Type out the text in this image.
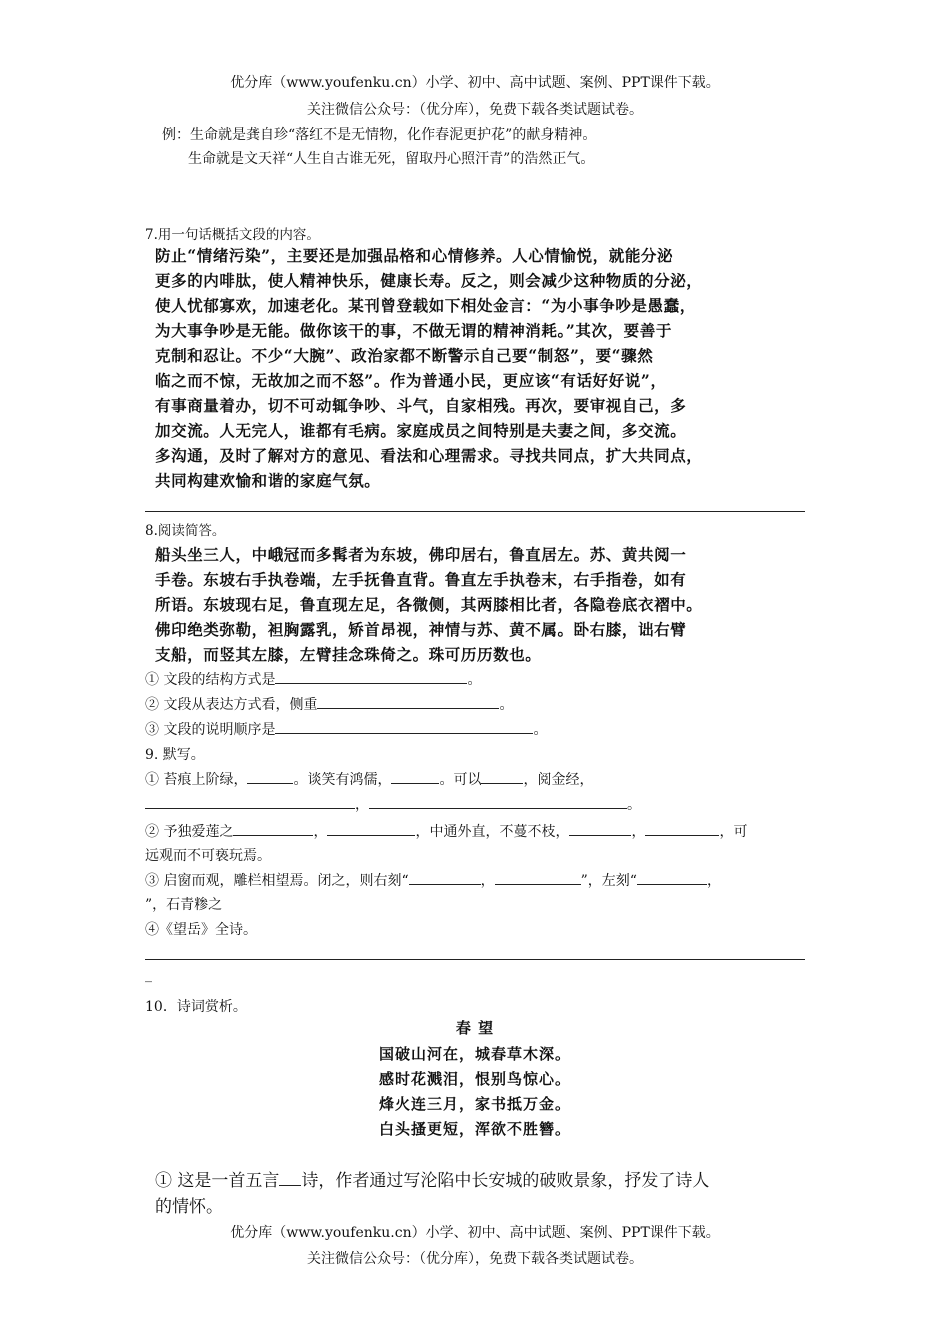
优分库（www.youfenku.cn）小学、初中、高中试题、案例、PPT课件下载。
关注微信公众号：（优分库），免费下载各类试题试卷。
例：生命就是龚自珍“落红不是无情物，化作春泥更护花”的献身精神。
生命就是文天祥“人生自古谁无死，留取丹心照汗青”的浩然正气。
7.用一句话概括文段的内容。
防止“情绪污染”，主要还是加强品格和心情修养。人心情愉悦，就能分泌
更多的内啡肽，使人精神快乐，健康长寿。反之，则会减少这种物质的分泌，
使人忧郁寡欢，加速老化。某刊曾登载如下相处金言：“为小事争吵是愚蠢，
为大事争吵是无能。做你该干的事，不做无谓的精神消耗。”其次，要善于
克制和忍让。不少“大腕”、政治家都不断警示自己要“制怒”，要“骤然
临之而不惊，无故加之而不怒”。作为普通小民，更应该“有话好好说”，
有事商量着办，切不可动辄争吵、斗气，自家相残。再次，要审视自己，多
加交流。人无完人，谁都有毛病。家庭成员之间特别是夫妻之间，多交流。
多沟通，及时了解对方的意见、看法和心理需求。寻找共同点，扩大共同点，
共同构建欢愉和谐的家庭气氛。
8.阅读简答。
船头坐三人，中峨冠而多髯者为东坡，佛印居右，鲁直居左。苏、黄共阅一
手卷。东坡右手执卷端，左手抚鲁直背。鲁直左手执卷末，右手指卷，如有
所语。东坡现右足，鲁直现左足，各微侧，其两膝相比者，各隐卷底衣褶中。
佛印绝类弥勒，袒胸露乳，矫首昂视，神情与苏、黄不属。卧右膝，诎右臂
支船，而竖其左膝，左臂挂念珠倚之。珠可历历数也。
① 文段的结构方式是	。
② 文段从表达方式看，侧重	。
③ 文段的说明顺序是	。
9. 默写。
① 苔痕上阶绿，	。谈笑有鸿儒，	。可以	，阅金经，
，	。
② 予独爱莲之	，	，中通外直，不蔓不枝，	，	，可
远观而不可亵玩焉。
③ 启窗而观，雕栏相望焉。闭之，则右刻“	，	”，左刻“	，
”，石青糁之
④《望岳》全诗。
_
10．诗词赏析。
春 望
国破山河在，城春草木深。
感时花溅泪，恨别鸟惊心。
烽火连三月，家书抵万金。
白头搔更短，浑欲不胜簪。
① 这是一首五言 诗，作者通过写沦陷中长安城的破败景象，抒发了诗人
的情怀。
优分库（www.youfenku.cn）小学、初中、高中试题、案例、PPT课件下载。
关注微信公众号：（优分库），免费下载各类试题试卷。
